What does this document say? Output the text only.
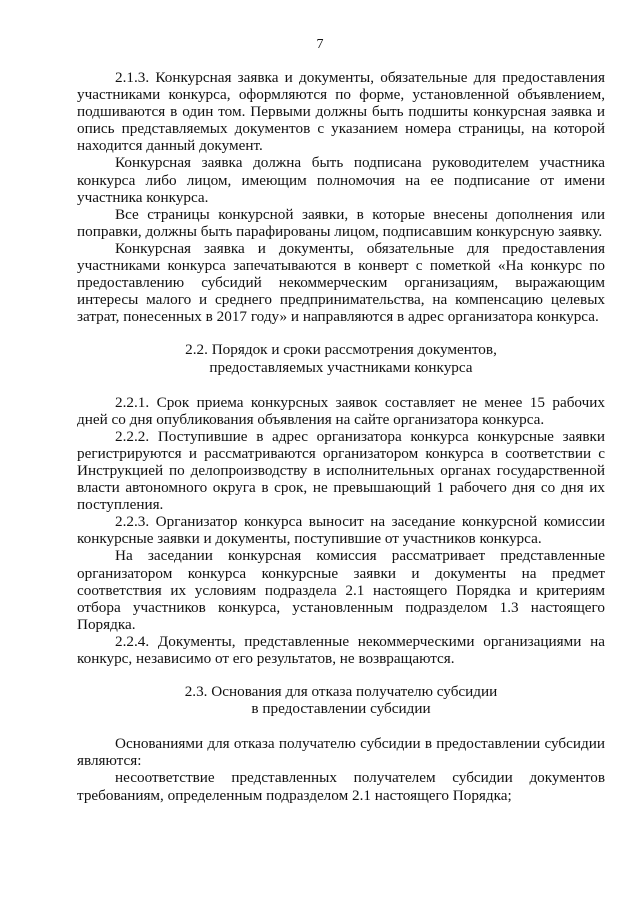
7

2.1.3. Конкурсная заявка и документы, обязательные для предоставления участниками конкурса, оформляются по форме, установленной объявлением, подшиваются в один том. Первыми должны быть подшиты конкурсная заявка и опись представляемых документов с указанием номера страницы, на которой находится данный документ.

Конкурсная заявка должна быть подписана руководителем участника конкурса либо лицом, имеющим полномочия на ее подписание от имени участника конкурса.

Все страницы конкурсной заявки, в которые внесены дополнения или поправки, должны быть парафированы лицом, подписавшим конкурсную заявку.

Конкурсная заявка и документы, обязательные для предоставления участниками конкурса запечатываются в конверт с пометкой «На конкурс по предоставлению субсидий некоммерческим организациям, выражающим интересы малого и среднего предпринимательства, на компенсацию целевых затрат, понесенных в 2017 году» и направляются в адрес организатора конкурса.

2.2. Порядок и сроки рассмотрения документов,
предоставляемых участниками конкурса

2.2.1. Срок приема конкурсных заявок составляет не менее 15 рабочих дней со дня опубликования объявления на сайте организатора конкурса.

2.2.2. Поступившие в адрес организатора конкурса конкурсные заявки регистрируются и рассматриваются организатором конкурса в соответствии с Инструкцией по делопроизводству в исполнительных органах государственной власти автономного округа в срок, не превышающий 1 рабочего дня со дня их поступления.

2.2.3. Организатор конкурса выносит на заседание конкурсной комиссии конкурсные заявки и документы, поступившие от участников конкурса.

На заседании конкурсная комиссия рассматривает представленные организатором конкурса конкурсные заявки и документы на предмет соответствия их условиям подраздела 2.1 настоящего Порядка и критериям отбора участников конкурса, установленным подразделом 1.3 настоящего Порядка.

2.2.4. Документы, представленные некоммерческими организациями на конкурс, независимо от его результатов, не возвращаются.

2.3. Основания для отказа получателю субсидии
в предоставлении субсидии

Основаниями для отказа получателю субсидии в предоставлении субсидии являются:

несоответствие представленных получателем субсидии документов требованиям, определенным подразделом 2.1 настоящего Порядка;
